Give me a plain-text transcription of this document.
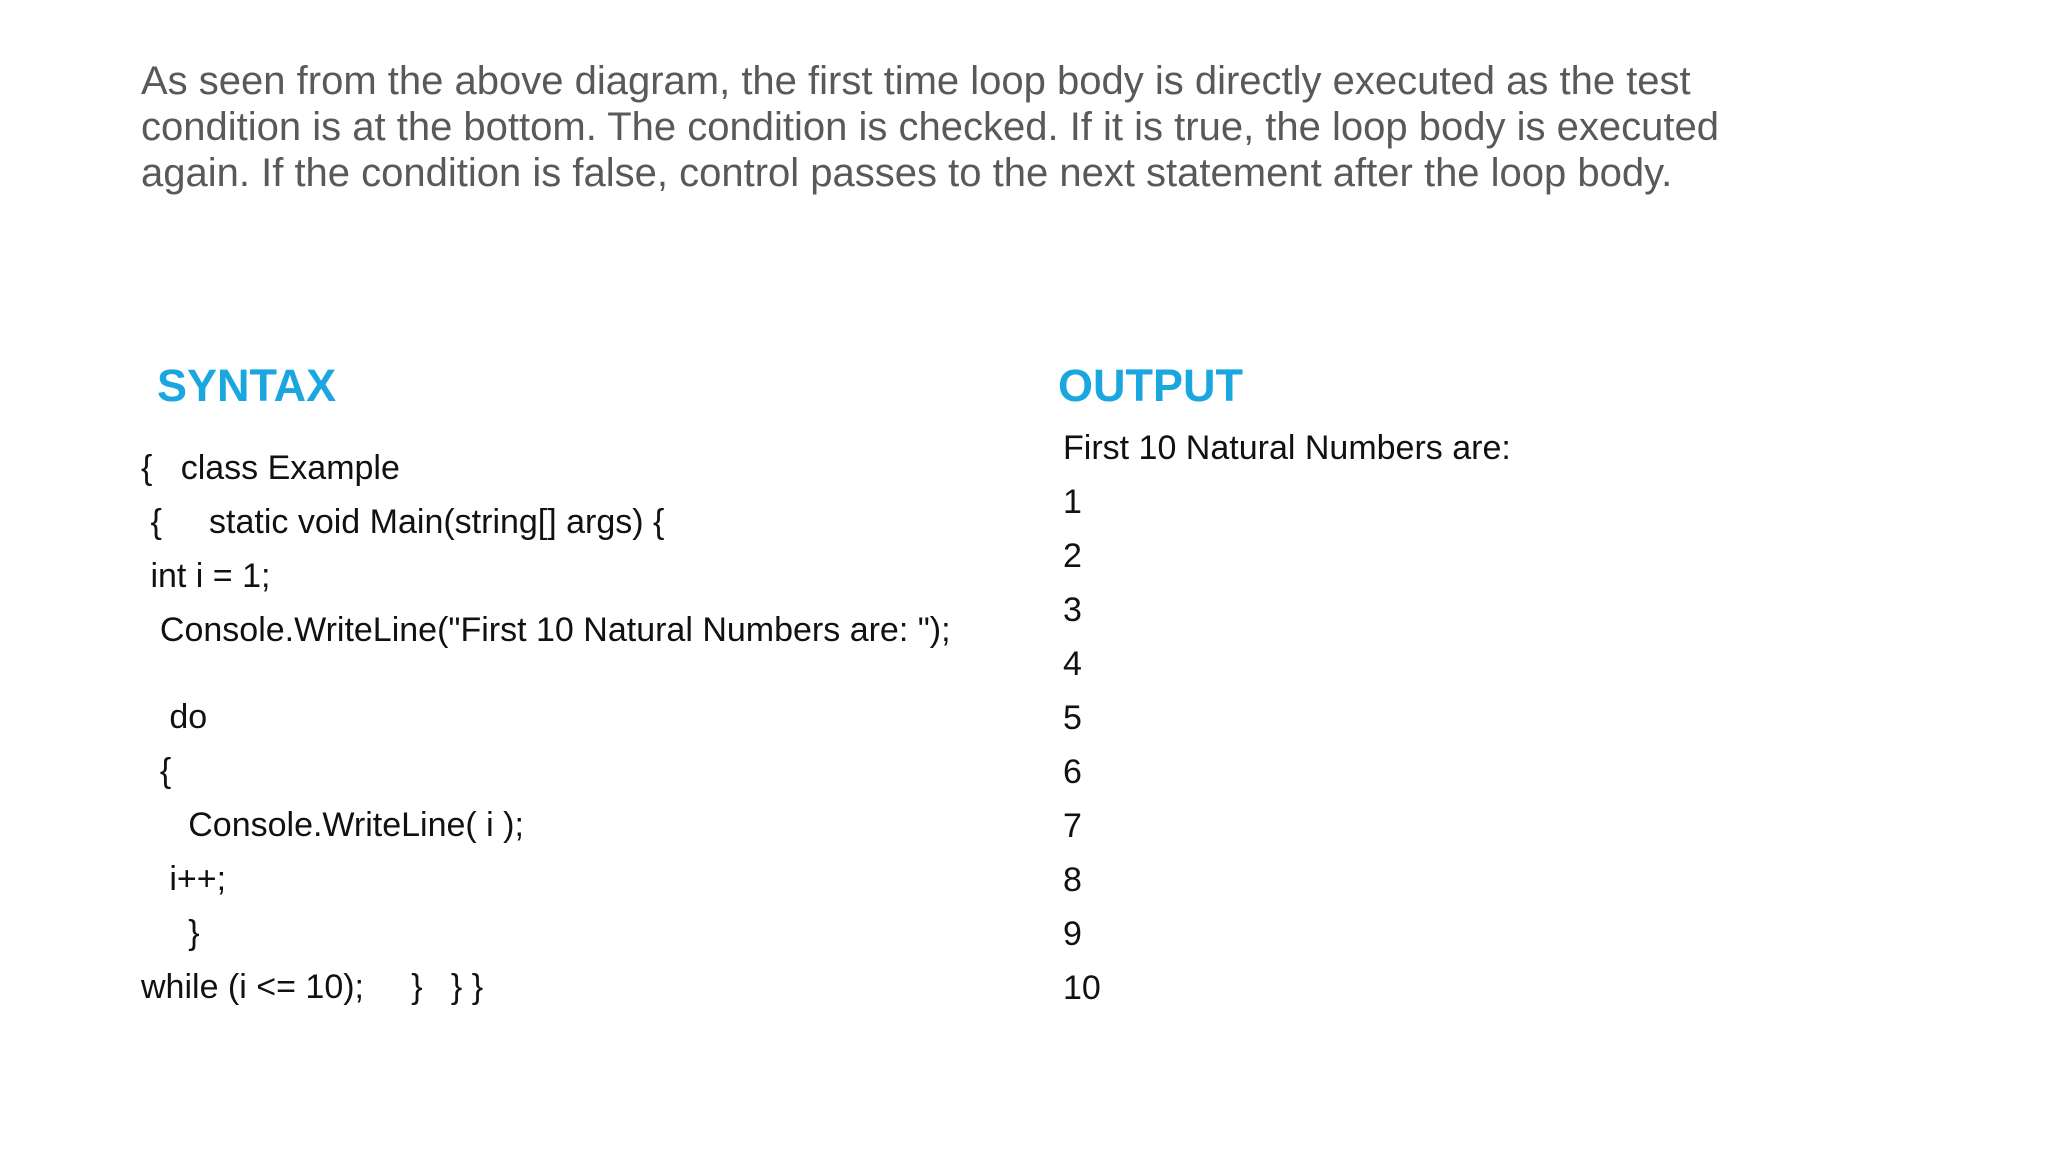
As seen from the above diagram, the first time loop body is directly executed as the test
condition is at the bottom. The condition is checked. If it is true, the loop body is executed
again. If the condition is false, control passes to the next statement after the loop body.
SYNTAX
{   class Example
{     static void Main(string[] args) {
int i = 1;
Console.WriteLine("First 10 Natural Numbers are: ");
do
{
Console.WriteLine( i );
i++;
}
while (i <= 10);     }   } }
OUTPUT
First 10 Natural Numbers are:
1
2
3
4
5
6
7
8
9
10
